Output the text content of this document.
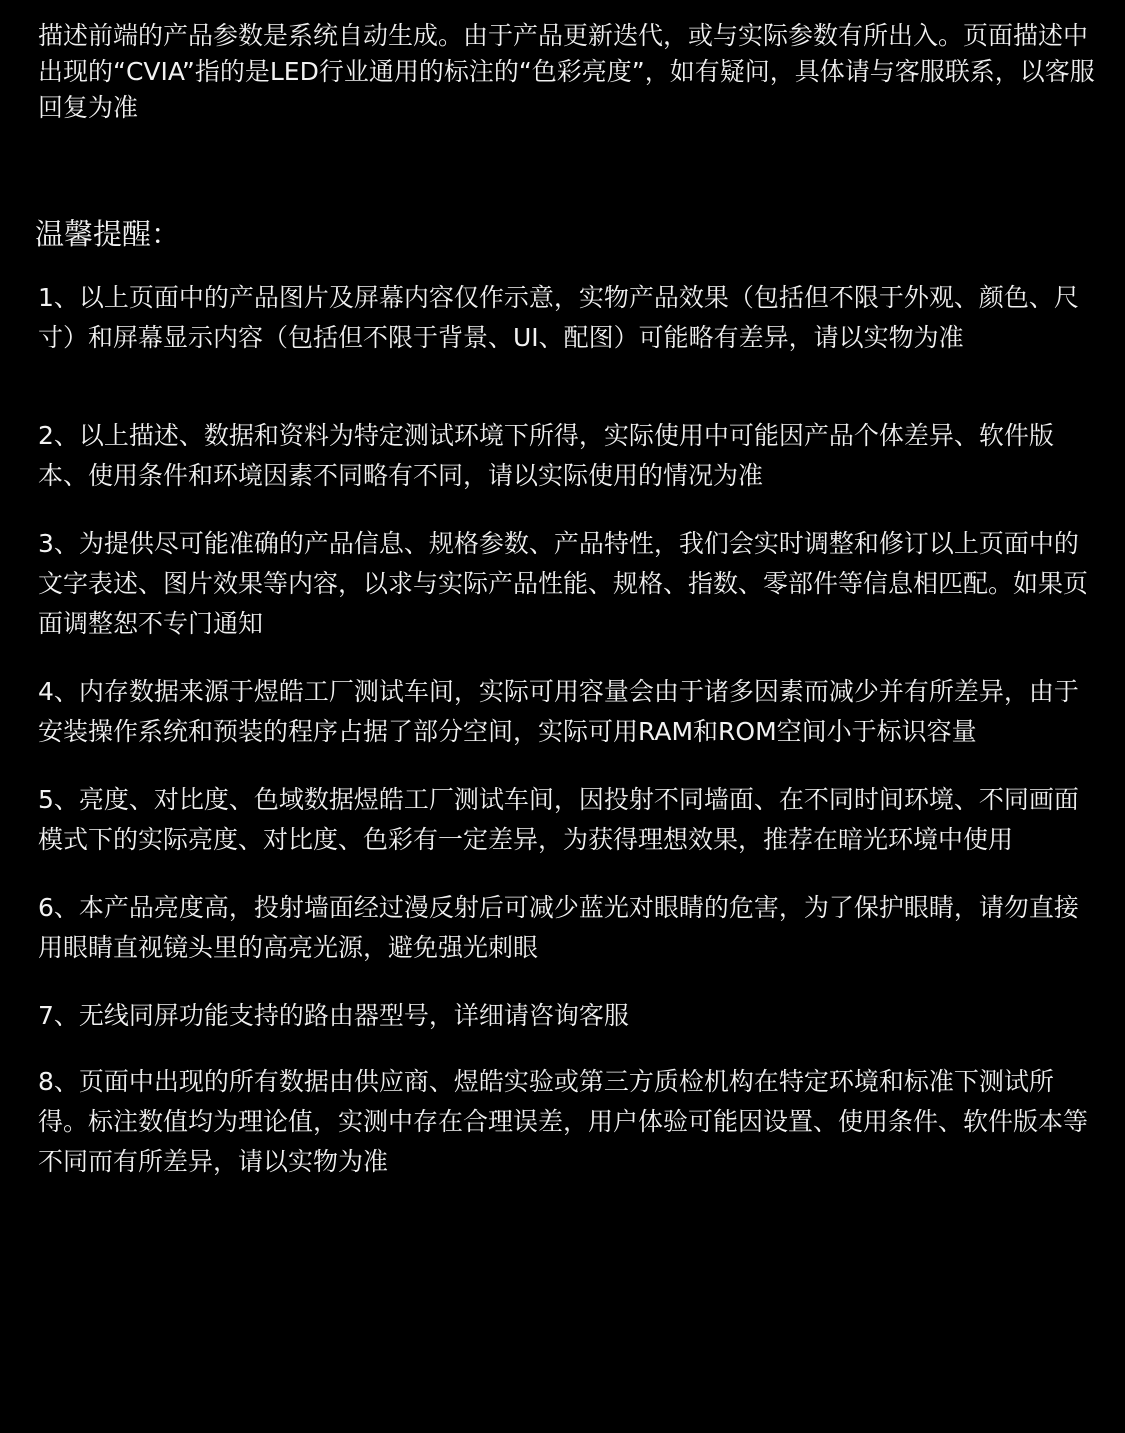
描述前端的产品参数是系统自动生成。由于产品更新迭代，或与实际参数有所出入。页面描述中出现的“CVIA”指的是LED行业通用的标注的“色彩亮度”，如有疑问，具体请与客服联系，以客服回复为准

温馨提醒：
1、以上页面中的产品图片及屏幕内容仅作示意，实物产品效果（包括但不限于外观、颜色、尺寸）和屏幕显示内容（包括但不限于背景、UI、配图）可能略有差异，请以实物为准
2、以上描述、数据和资料为特定测试环境下所得，实际使用中可能因产品个体差异、软件版本、使用条件和环境因素不同略有不同，请以实际使用的情况为准
3、为提供尽可能准确的产品信息、规格参数、产品特性，我们会实时调整和修订以上页面中的文字表述、图片效果等内容，以求与实际产品性能、规格、指数、零部件等信息相匹配。如果页面调整恕不专门通知
4、内存数据来源于煜皓工厂测试车间，实际可用容量会由于诸多因素而减少并有所差异，由于安装操作系统和预装的程序占据了部分空间，实际可用RAM和ROM空间小于标识容量
5、亮度、对比度、色域数据煜皓工厂测试车间，因投射不同墙面、在不同时间环境、不同画面模式下的实际亮度、对比度、色彩有一定差异，为获得理想效果，推荐在暗光环境中使用
6、本产品亮度高，投射墙面经过漫反射后可减少蓝光对眼睛的危害，为了保护眼睛，请勿直接用眼睛直视镜头里的高亮光源，避免强光刺眼
7、无线同屏功能支持的路由器型号，详细请咨询客服
8、页面中出现的所有数据由供应商、煜皓实验或第三方质检机构在特定环境和标准下测试所得。标注数值均为理论值，实测中存在合理误差，用户体验可能因设置、使用条件、软件版本等不同而有所差异，请以实物为准
